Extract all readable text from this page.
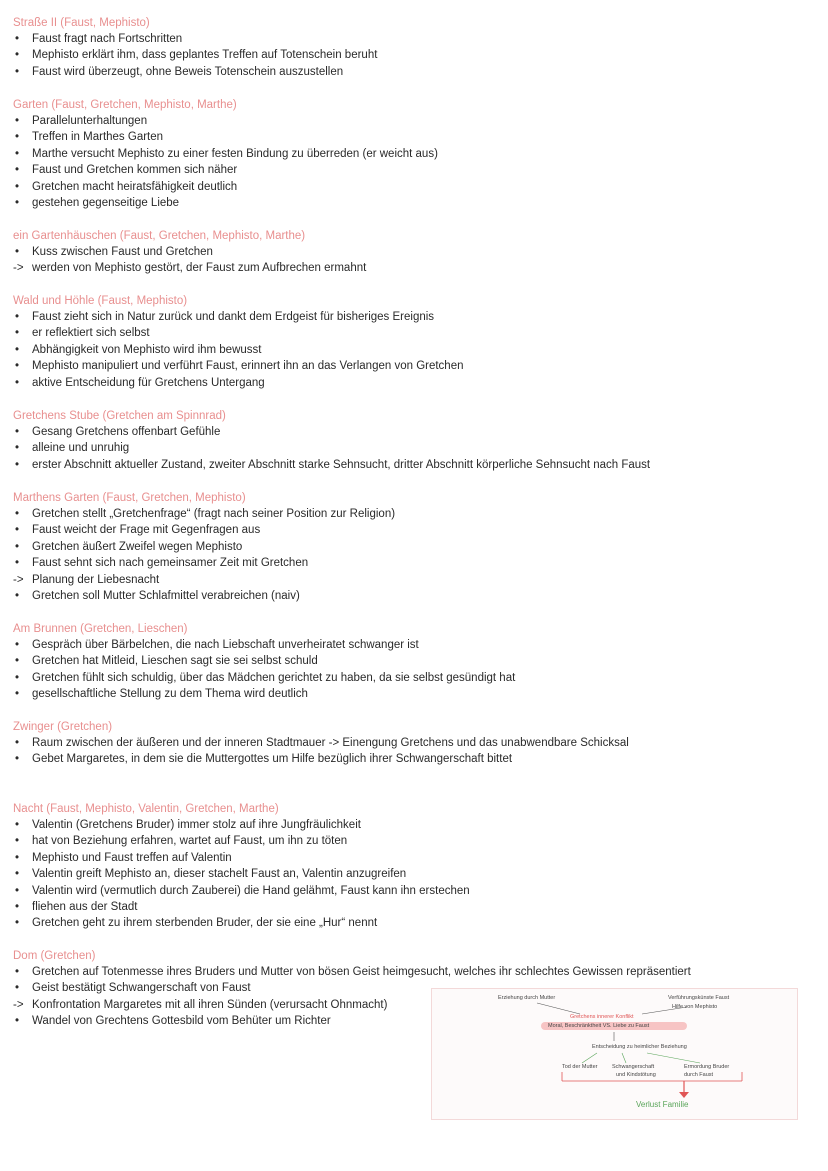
Straße II (Faust, Mephisto)
•	Faust fragt nach Fortschritten
•	Mephisto erklärt ihm, dass geplantes Treffen auf Totenschein beruht
•	Faust wird überzeugt, ohne Beweis Totenschein auszustellen
Garten (Faust, Gretchen, Mephisto, Marthe)
•	Parallelunterhaltungen
•	Treffen in Marthes Garten
•	Marthe versucht Mephisto zu einer festen Bindung zu überreden (er weicht aus)
•	Faust und Gretchen kommen sich näher
•	Gretchen macht heiratsfähigkeit deutlich
•	gestehen gegenseitige Liebe
ein Gartenhäuschen (Faust, Gretchen, Mephisto, Marthe)
•	Kuss zwischen Faust und Gretchen
-> werden von Mephisto gestört, der Faust zum Aufbrechen ermahnt
Wald und Höhle (Faust, Mephisto)
•	Faust zieht sich in Natur zurück und dankt dem Erdgeist für bisheriges Ereignis
•	er reflektiert sich selbst
•	Abhängigkeit von Mephisto wird ihm bewusst
•	Mephisto manipuliert und verführt Faust, erinnert ihn an das Verlangen von Gretchen
•	aktive Entscheidung für Gretchens Untergang
Gretchens Stube (Gretchen am Spinnrad)
•	Gesang Gretchens offenbart Gefühle
•	alleine und unruhig
•	erster Abschnitt aktueller Zustand, zweiter Abschnitt starke Sehnsucht, dritter Abschnitt körperliche Sehnsucht nach Faust
Marthens Garten (Faust, Gretchen, Mephisto)
•	Gretchen stellt „Gretchenfrage“ (fragt nach seiner Position zur Religion)
•	Faust weicht der Frage mit Gegenfragen aus
•	Gretchen äußert Zweifel wegen Mephisto
•	Faust sehnt sich nach gemeinsamer Zeit mit Gretchen
-> Planung der Liebesnacht
•	Gretchen soll Mutter Schlafmittel verabreichen (naiv)
Am Brunnen (Gretchen, Lieschen)
•	Gespräch über Bärbelchen, die nach Liebschaft unverheiratet schwanger ist
•	Gretchen hat Mitleid, Lieschen sagt sie sei selbst schuld
•	Gretchen fühlt sich schuldig, über das Mädchen gerichtet zu haben, da sie selbst gesündigt hat
•	gesellschaftliche Stellung zu dem Thema wird deutlich
Zwinger (Gretchen)
•	Raum zwischen der äußeren und der inneren Stadtmauer -> Einengung Gretchens und das unabwendbare Schicksal
•	Gebet Margaretes, in dem sie die Muttergottes um Hilfe bezüglich ihrer Schwangerschaft bittet
Nacht (Faust, Mephisto, Valentin, Gretchen, Marthe)
•	Valentin (Gretchens Bruder) immer stolz auf ihre Jungfräulichkeit
•	hat von Beziehung erfahren, wartet auf Faust, um ihn zu töten
•	Mephisto und Faust treffen auf Valentin
•	Valentin greift Mephisto an, dieser stachelt Faust an, Valentin anzugreifen
•	Valentin wird (vermutlich durch Zauberei) die Hand gelähmt, Faust kann ihn erstechen
•	fliehen aus der Stadt
•	Gretchen geht zu ihrem sterbenden Bruder, der sie eine „Hur“ nennt
Dom (Gretchen)
•	Gretchen auf Totenmesse ihres Bruders und Mutter von bösen Geist heimgesucht, welches ihr schlechtes Gewissen repräsentiert
•	Geist bestätigt Schwangerschaft von Faust
-> Konfrontation Margaretes mit all ihren Sünden (verursacht Ohnmacht)
•	Wandel von Grechtens Gottesbild vom Behüter um Richter
Erziehung durch Mutter	Verführungskünste Faust
Hilfe von Mephisto
Gretchens innerer Konflikt
Moral, Beschränktheit VS. Liebe zu Faust
Entscheidung zu heimlicher Beziehung
Tod der Mutter	Schwangerschaft
und Kindstötung
Ermordung Bruder
durch Faust
Verlust Familie
